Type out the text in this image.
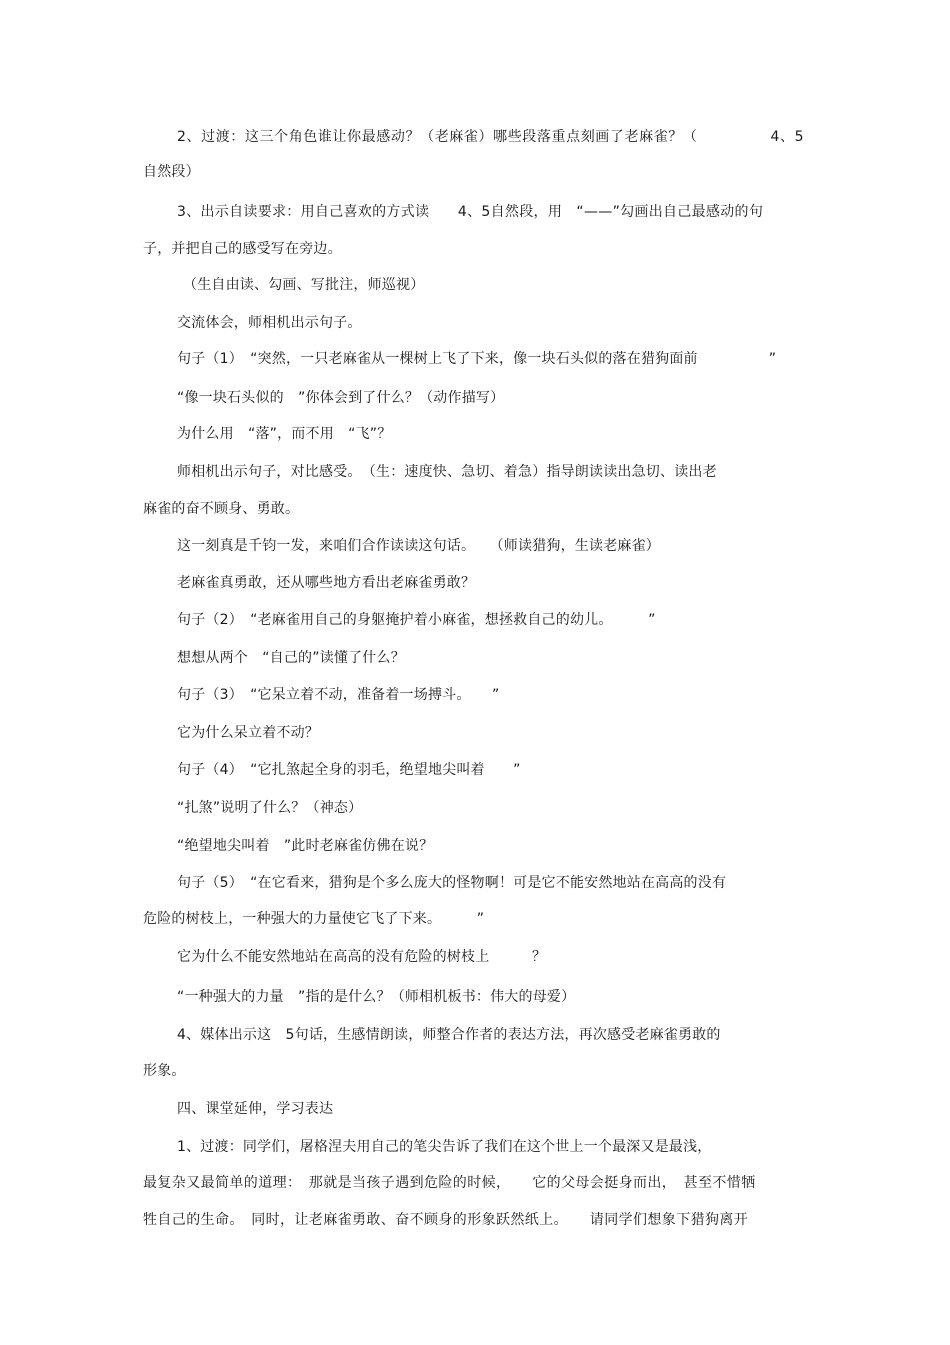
2、过渡：这三个角色谁让你最感动？（老麻雀）哪些段落重点刻画了老麻雀？（　　　　　4、5
自然段）
3、出示自读要求：用自己喜欢的方式读　　4、5自然段，用　“——”勾画出自己最感动的句
子，并把自己的感受写在旁边。
（生自由读、勾画、写批注，师巡视）
交流体会，师相机出示句子。
句子（1）　“突然，一只老麻雀从一棵树上飞了下来，像一块石头似的落在猎狗面前　　　　　”
“像一块石头似的　”你体会到了什么？（动作描写）
为什么用　“落”，而不用　“飞”？
师相机出示句子，对比感受。　（生：速度快、急切、着急）指导朗读读出急切、读出老
麻雀的奋不顾身、勇敢。
这一刻真是千钧一发，来咱们合作读读这句话。　　（师读猎狗，生读老麻雀）
老麻雀真勇敢，还从哪些地方看出老麻雀勇敢？
句子（2）　“老麻雀用自己的身躯掩护着小麻雀，想拯救自己的幼儿。　　　”
想想从两个　“自己的”读懂了什么？
句子（3）　“它呆立着不动，准备着一场搏斗。　　”
它为什么呆立着不动？
句子（4）　“它扎煞起全身的羽毛，绝望地尖叫着　　”
“扎煞”说明了什么？（神态）
“绝望地尖叫着　”此时老麻雀仿佛在说？
句子（5）　“在它看来，猎狗是个多么庞大的怪物啊！可是它不能安然地站在高高的没有
危险的树枝上，一种强大的力量使它飞了下来。　　　”
它为什么不能安然地站在高高的没有危险的树枝上　　　？
“一种强大的力量　”指的是什么？（师相机板书：伟大的母爱）
4、媒体出示这　5句话，生感情朗读，师整合作者的表达方法，再次感受老麻雀勇敢的
形象。
四、课堂延伸，学习表达
1、过渡：同学们，屠格涅夫用自己的笔尖告诉了我们在这个世上一个最深又是最浅，
最复杂又最简单的道理：　那就是当孩子遇到危险的时候，　　它的父母会挺身而出，　甚至不惜牺
牲自己的生命。　同时，让老麻雀勇敢、奋不顾身的形象跃然纸上。　　请同学们想象下猎狗离开
